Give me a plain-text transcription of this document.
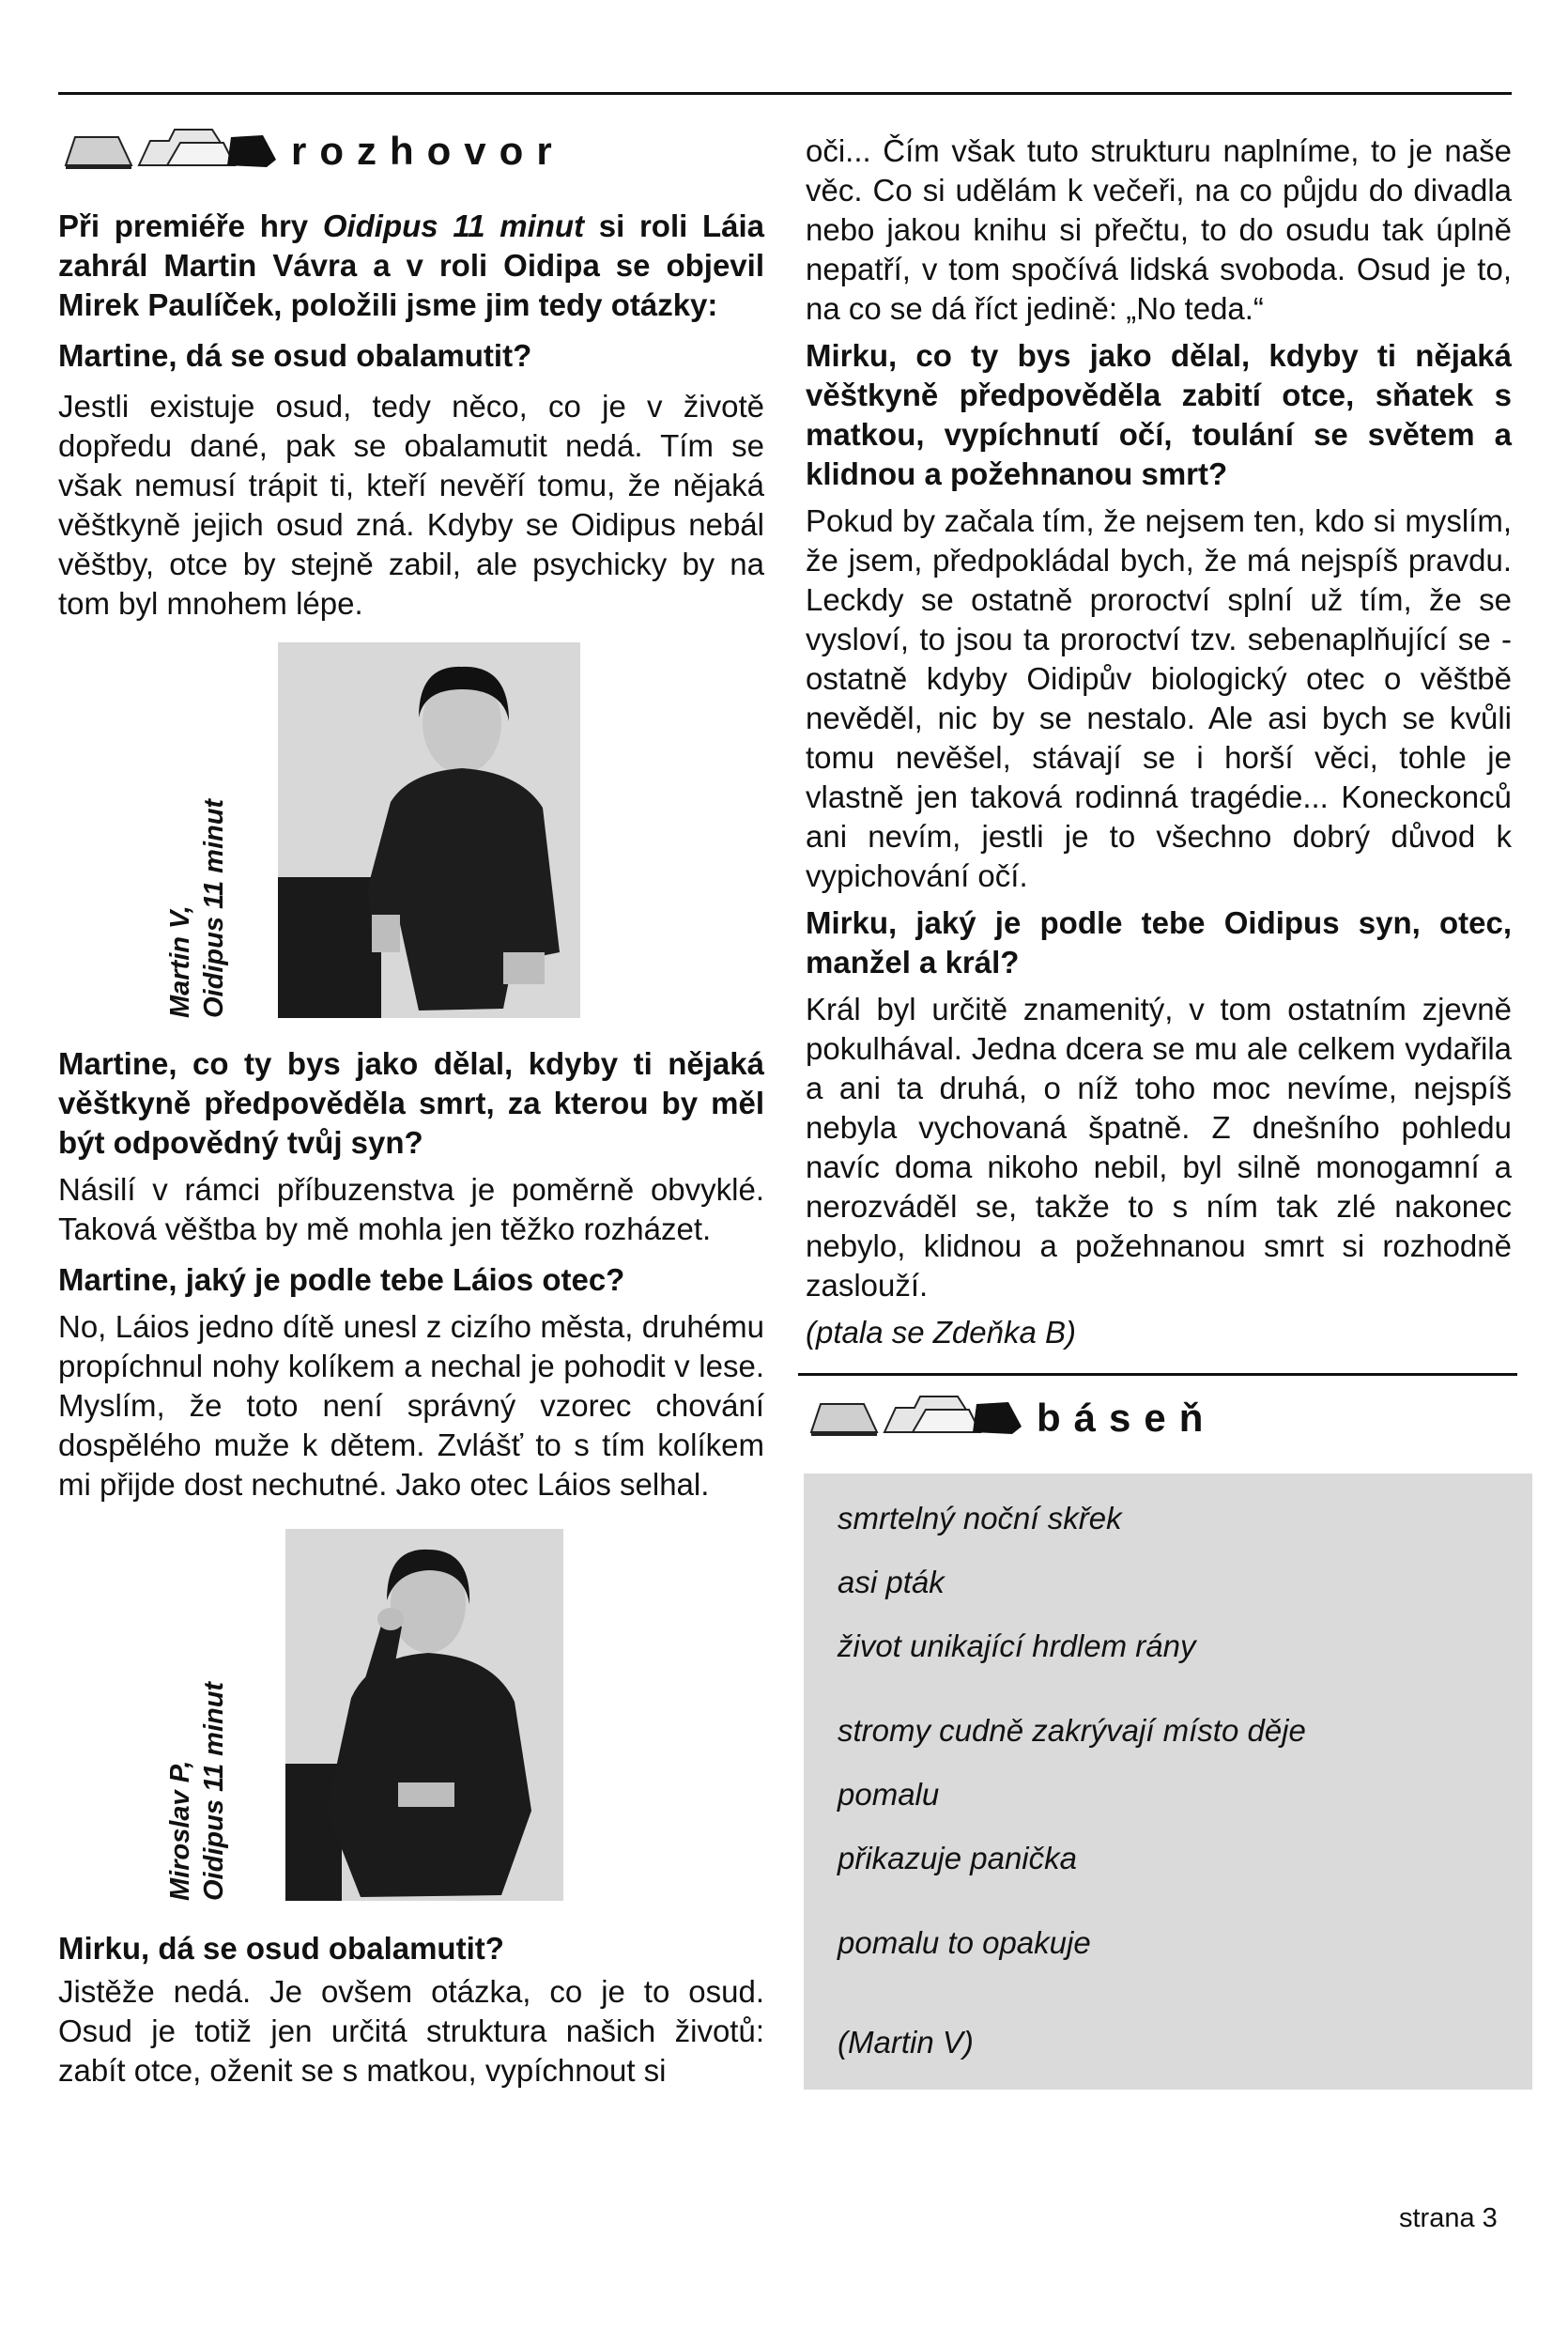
rozhovor

Při premiéře hry Oidipus 11 minut si roli Láia zahrál Martin Vávra a v roli Oidipa se objevil Mirek Paulíček, položili jsme jim tedy otázky:

Martine, dá se osud obalamutit?

Jestli existuje osud, tedy něco, co je v životě dopředu dané, pak se obalamutit nedá. Tím se však nemusí trápit ti, kteří nevěří tomu, že nějaká věštkyně jejich osud zná. Kdyby se Oidipus nebál věštby, otce by stejně zabil, ale psychicky by na tom byl mnohem lépe.

Martin V, Oidipus 11 minut

Martine, co ty bys jako dělal, kdyby ti nějaká věštkyně předpověděla smrt, za kterou by měl být odpovědný tvůj syn?

Násilí v rámci příbuzenstva je poměrně obvyklé. Taková věštba by mě mohla jen těžko rozházet.

Martine, jaký je podle tebe Láios otec?

No, Láios jedno dítě unesl z cizího města, druhému propíchnul nohy kolíkem a nechal je pohodit v lese. Myslím, že toto není správný vzorec chování dospělého muže k dětem. Zvlášť to s tím kolíkem mi přijde dost nechutné. Jako otec Láios selhal.

Miroslav P, Oidipus 11 minut

Mirku, dá se osud obalamutit?

Jistěže nedá. Je ovšem otázka, co je to osud. Osud je totiž jen určitá struktura našich životů: zabít otce, oženit se s matkou, vypíchnout si

oči... Čím však tuto strukturu naplníme, to je naše věc. Co si udělám k večeři, na co půjdu do divadla nebo jakou knihu si přečtu, to do osudu tak úplně nepatří, v tom spočívá lidská svoboda. Osud je to, na co se dá říct jedině: „No teda.“

Mirku, co ty bys jako dělal, kdyby ti nějaká věštkyně předpověděla zabití otce, sňatek s matkou, vypíchnutí očí, toulání se světem a klidnou a požehnanou smrt?

Pokud by začala tím, že nejsem ten, kdo si myslím, že jsem, předpokládal bych, že má nejspíš pravdu. Leckdy se ostatně proroctví splní už tím, že se vysloví, to jsou ta proroctví tzv. sebenaplňující se - ostatně kdyby Oidipův biologický otec o věštbě nevěděl, nic by se nestalo. Ale asi bych se kvůli tomu nevěšel, stávají se i horší věci, tohle je vlastně jen taková rodinná tragédie... Koneckonců ani nevím, jestli je to všechno dobrý důvod k vypichování očí.

Mirku, jaký je podle tebe Oidipus syn, otec, manžel a král?

Král byl určitě znamenitý, v tom ostatním zjevně pokulhával. Jedna dcera se mu ale celkem vydařila a ani ta druhá, o níž toho moc nevíme, nejspíš nebyla vychovaná špatně. Z dnešního pohledu navíc doma nikoho nebil, byl silně monogamní a nerozváděl se, takže to s ním tak zlé nakonec nebylo, klidnou a požehnanou smrt si rozhodně zaslouží.

(ptala se Zdeňka B)

báseň

smrtelný noční skřek

asi pták

život unikající hrdlem rány

stromy cudně zakrývají místo děje

pomalu

přikazuje panička

pomalu to opakuje

(Martin V)

strana 3
